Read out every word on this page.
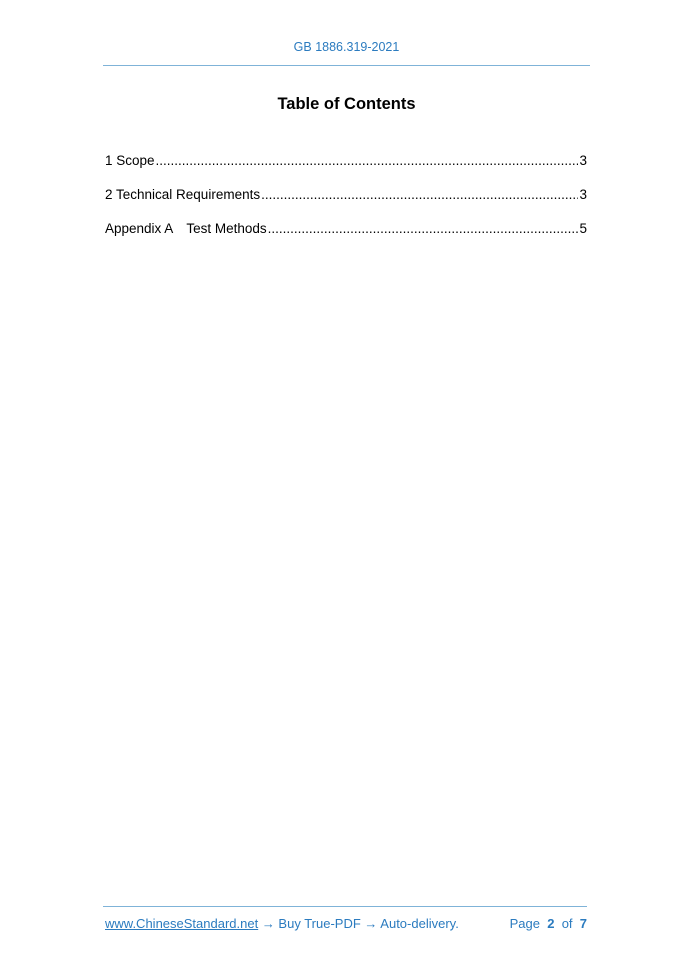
GB 1886.319-2021
Table of Contents
1 Scope .....	3
2 Technical Requirements .....	3
Appendix A Test Methods .....	5
www.ChineseStandard.net → Buy True-PDF → Auto-delivery.	Page 2 of 7
